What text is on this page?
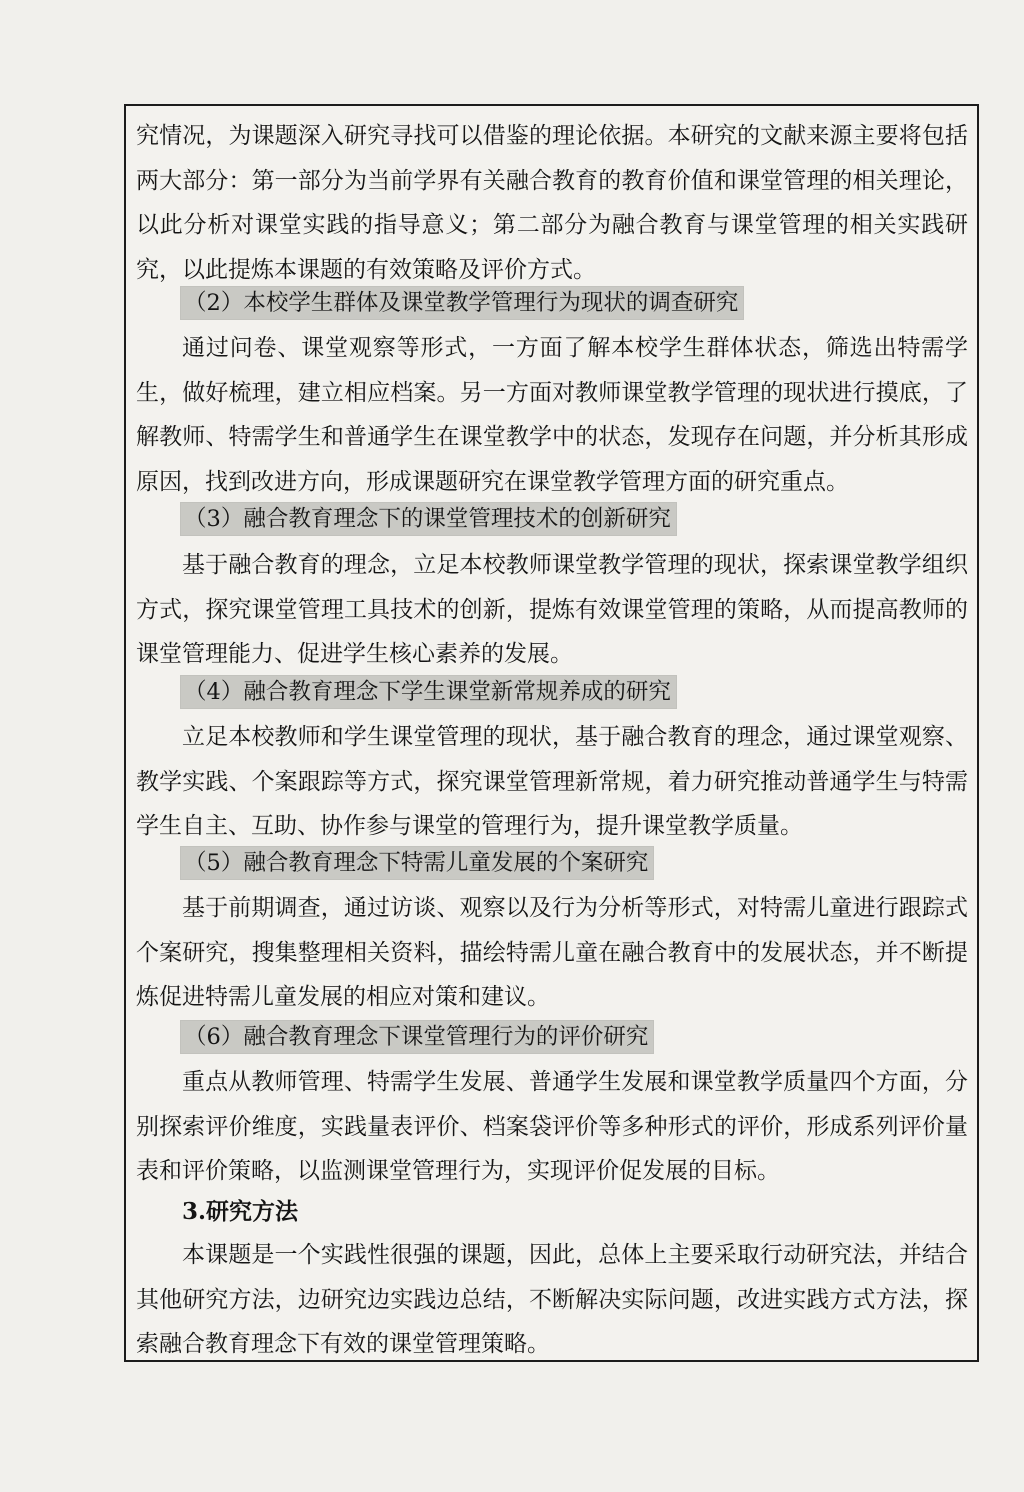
究情况，为课题深入研究寻找可以借鉴的理论依据。本研究的文献来源主要将包括两大部分：第一部分为当前学界有关融合教育的教育价值和课堂管理的相关理论，以此分析对课堂实践的指导意义；第二部分为融合教育与课堂管理的相关实践研究，以此提炼本课题的有效策略及评价方式。

（2）本校学生群体及课堂教学管理行为现状的调查研究

通过问卷、课堂观察等形式，一方面了解本校学生群体状态，筛选出特需学生，做好梳理，建立相应档案。另一方面对教师课堂教学管理的现状进行摸底，了解教师、特需学生和普通学生在课堂教学中的状态，发现存在问题，并分析其形成原因，找到改进方向，形成课题研究在课堂教学管理方面的研究重点。

（3）融合教育理念下的课堂管理技术的创新研究

基于融合教育的理念，立足本校教师课堂教学管理的现状，探索课堂教学组织方式，探究课堂管理工具技术的创新，提炼有效课堂管理的策略，从而提高教师的课堂管理能力、促进学生核心素养的发展。

（4）融合教育理念下学生课堂新常规养成的研究

立足本校教师和学生课堂管理的现状，基于融合教育的理念，通过课堂观察、教学实践、个案跟踪等方式，探究课堂管理新常规，着力研究推动普通学生与特需学生自主、互助、协作参与课堂的管理行为，提升课堂教学质量。

（5）融合教育理念下特需儿童发展的个案研究

基于前期调查，通过访谈、观察以及行为分析等形式，对特需儿童进行跟踪式个案研究，搜集整理相关资料，描绘特需儿童在融合教育中的发展状态，并不断提炼促进特需儿童发展的相应对策和建议。

（6）融合教育理念下课堂管理行为的评价研究

重点从教师管理、特需学生发展、普通学生发展和课堂教学质量四个方面，分别探索评价维度，实践量表评价、档案袋评价等多种形式的评价，形成系列评价量表和评价策略，以监测课堂管理行为，实现评价促发展的目标。

3.研究方法

本课题是一个实践性很强的课题，因此，总体上主要采取行动研究法，并结合其他研究方法，边研究边实践边总结，不断解决实际问题，改进实践方式方法，探索融合教育理念下有效的课堂管理策略。
